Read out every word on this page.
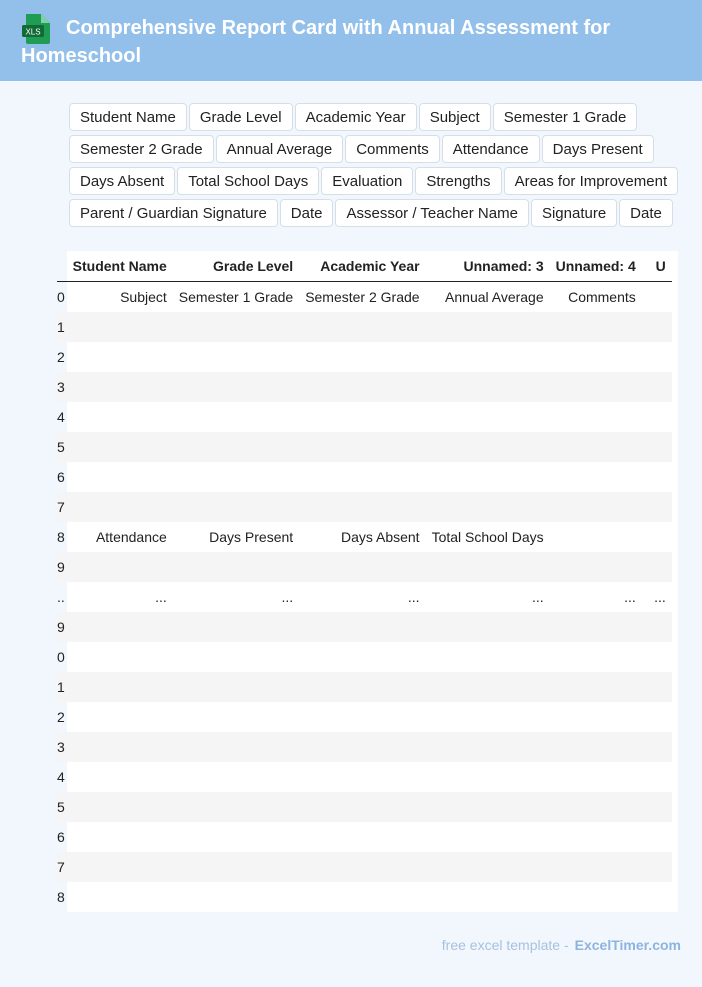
XLS	Comprehensive Report Card with Annual Assessment for Homeschool
Student Name	Grade Level	Academic Year	Subject	Semester 1 Grade
Semester 2 Grade	Annual Average	Comments	Attendance	Days Present
Days Absent	Total School Days	Evaluation	Strengths	Areas for Improvement
Parent / Guardian Signature	Date	Assessor / Teacher Name	Signature	Date
	Student Name	Grade Level	Academic Year	Unnamed: 3	Unnamed: 4	U
0	Subject	Semester 1 Grade	Semester 2 Grade	Annual Average	Comments	
1						
2						
3						
4						
5						
6						
7						
8	Attendance	Days Present	Days Absent	Total School Days		
9						
..	...	...	...	...	...	...
9						
0						
1						
2						
3						
4						
5						
6						
7						
8						
free excel template - ExcelTimer.com
